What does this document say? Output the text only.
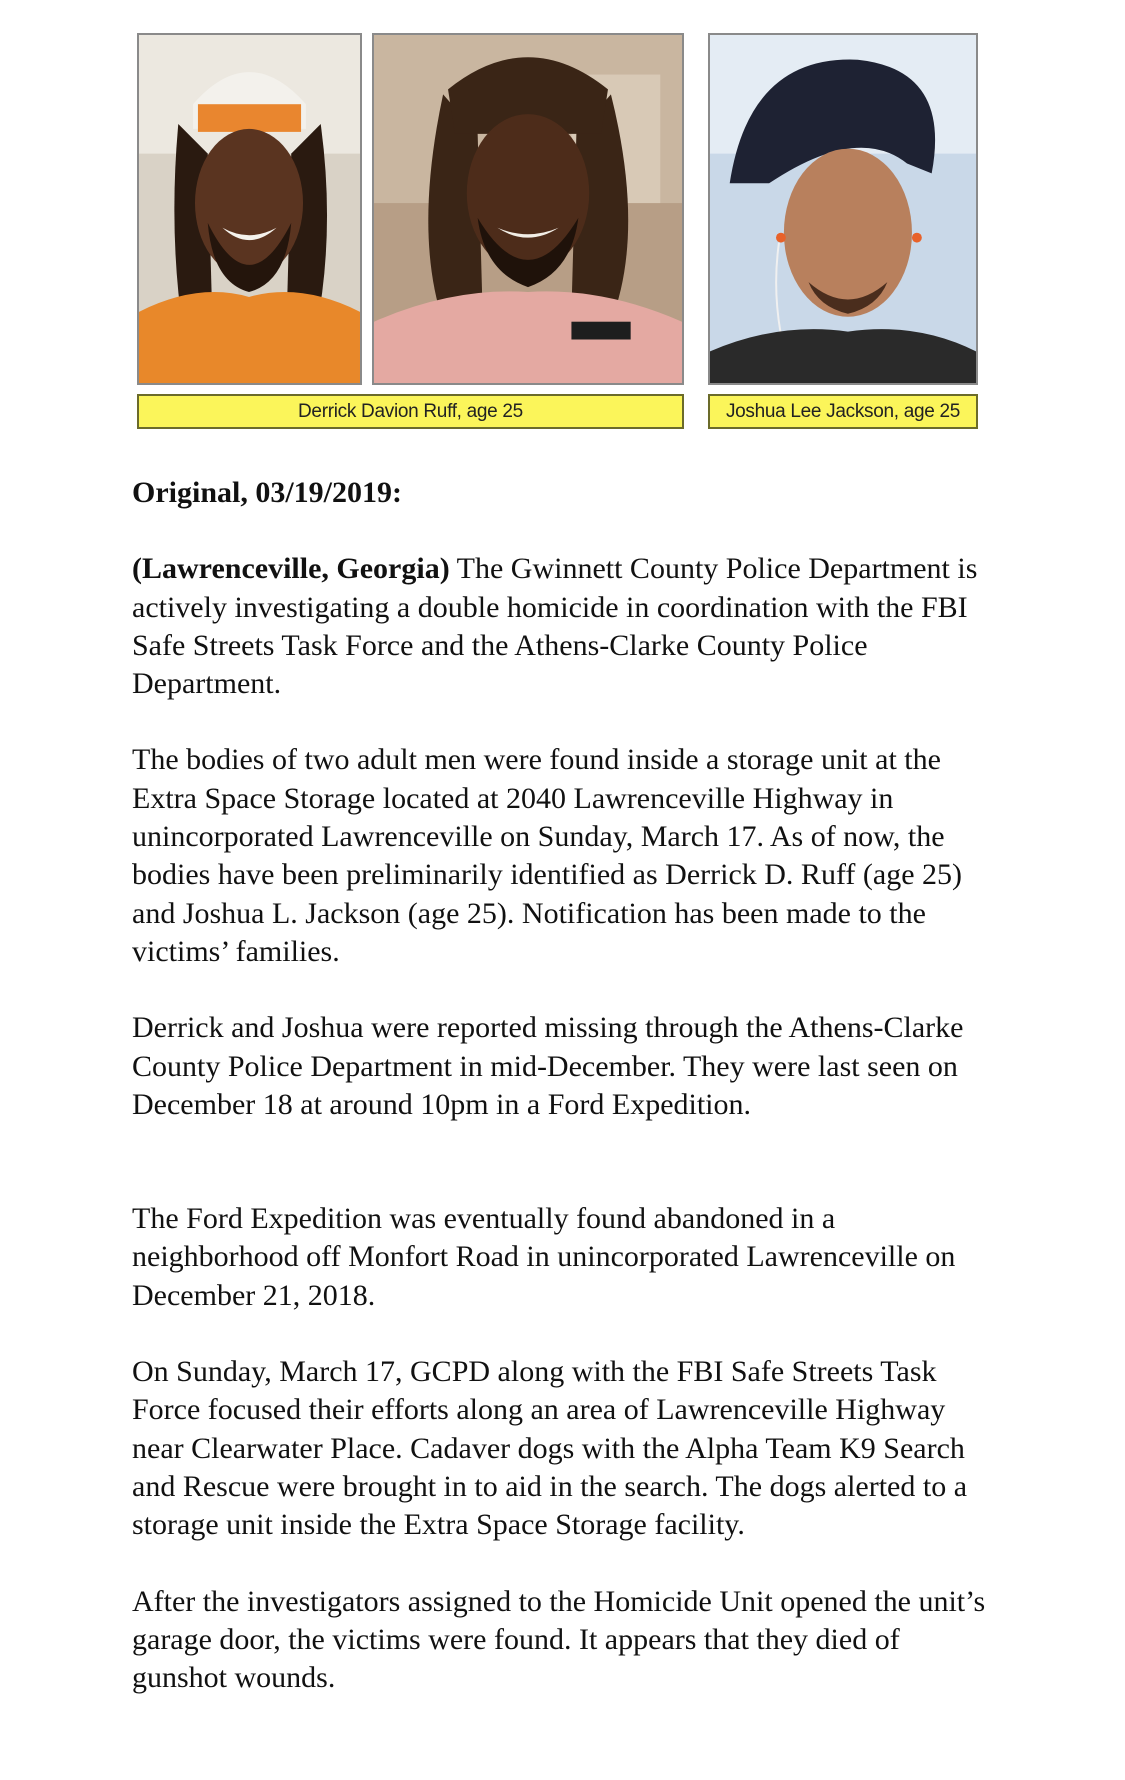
Derrick Davion Ruff, age 25	Joshua Lee Jackson, age 25

Original, 03/19/2019:

(Lawrenceville, Georgia) The Gwinnett County Police Department is actively investigating a double homicide in coordination with the FBI Safe Streets Task Force and the Athens-Clarke County Police Department.

The bodies of two adult men were found inside a storage unit at the Extra Space Storage located at 2040 Lawrenceville Highway in unincorporated Lawrenceville on Sunday, March 17. As of now, the bodies have been preliminarily identified as Derrick D. Ruff (age 25) and Joshua L. Jackson (age 25). Notification has been made to the victims’ families.

Derrick and Joshua were reported missing through the Athens-Clarke County Police Department in mid-December. They were last seen on December 18 at around 10pm in a Ford Expedition.

The Ford Expedition was eventually found abandoned in a neighborhood off Monfort Road in unincorporated Lawrenceville on December 21, 2018.

On Sunday, March 17, GCPD along with the FBI Safe Streets Task Force focused their efforts along an area of Lawrenceville Highway near Clearwater Place. Cadaver dogs with the Alpha Team K9 Search and Rescue were brought in to aid in the search. The dogs alerted to a storage unit inside the Extra Space Storage facility.

After the investigators assigned to the Homicide Unit opened the unit’s garage door, the victims were found. It appears that they died of gunshot wounds.
